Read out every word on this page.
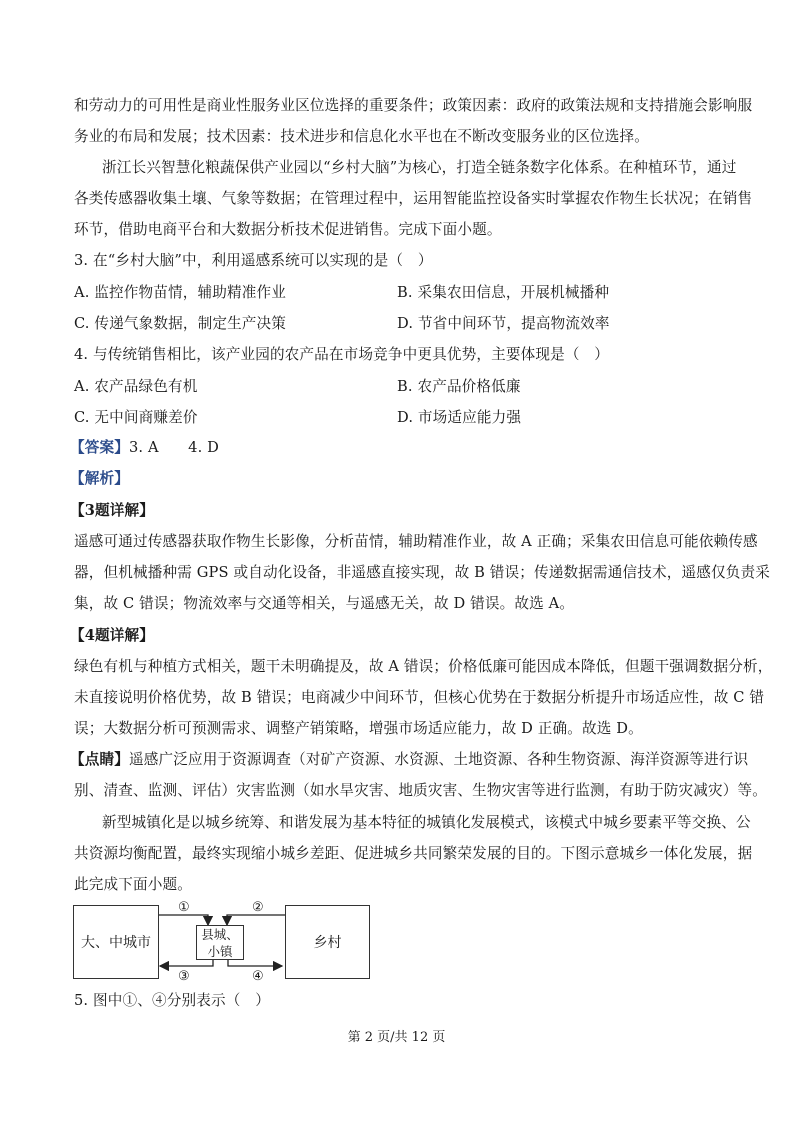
和劳动力的可用性是商业性服务业区位选择的重要条件；政策因素：政府的政策法规和支持措施会影响服
务业的布局和发展；技术因素：技术进步和信息化水平也在不断改变服务业的区位选择。
浙江长兴智慧化粮蔬保供产业园以“乡村大脑”为核心，打造全链条数字化体系。在种植环节，通过
各类传感器收集土壤、气象等数据；在管理过程中，运用智能监控设备实时掌握农作物生长状况；在销售
环节，借助电商平台和大数据分析技术促进销售。完成下面小题。
3. 在“乡村大脑”中，利用遥感系统可以实现的是（　）
A. 监控作物苗情，辅助精准作业	B. 采集农田信息，开展机械播种
C. 传递气象数据，制定生产决策	D. 节省中间环节，提高物流效率
4. 与传统销售相比，该产业园的农产品在市场竞争中更具优势，主要体现是（　）
A. 农产品绿色有机	B. 农产品价格低廉
C. 无中间商赚差价	D. 市场适应能力强
【答案】3. A　　4. D
【解析】
【3题详解】
遥感可通过传感器获取作物生长影像，分析苗情，辅助精准作业，故 A 正确；采集农田信息可能依赖传感
器，但机械播种需 GPS 或自动化设备，非遥感直接实现，故 B 错误；传递数据需通信技术，遥感仅负责采
集，故 C 错误；物流效率与交通等相关，与遥感无关，故 D 错误。故选 A。
【4题详解】
绿色有机与种植方式相关，题干未明确提及，故 A 错误；价格低廉可能因成本降低，但题干强调数据分析，
未直接说明价格优势，故 B 错误；电商减少中间环节，但核心优势在于数据分析提升市场适应性，故 C 错
误；大数据分析可预测需求、调整产销策略，增强市场适应能力，故 D 正确。故选 D。
【点睛】遥感广泛应用于资源调查（对矿产资源、水资源、土地资源、各种生物资源、海洋资源等进行识
别、清查、监测、评估）灾害监测（如水旱灾害、地质灾害、生物灾害等进行监测，有助于防灾减灾）等。
新型城镇化是以城乡统筹、和谐发展为基本特征的城镇化发展模式，该模式中城乡要素平等交换、公
共资源均衡配置，最终实现缩小城乡差距、促进城乡共同繁荣发展的目的。下图示意城乡一体化发展，据
此完成下面小题。
大、中城市
县城、
小镇	乡村
①	②
③	④
5. 图中①、④分别表示（　）
第 2 页/共 12 页
